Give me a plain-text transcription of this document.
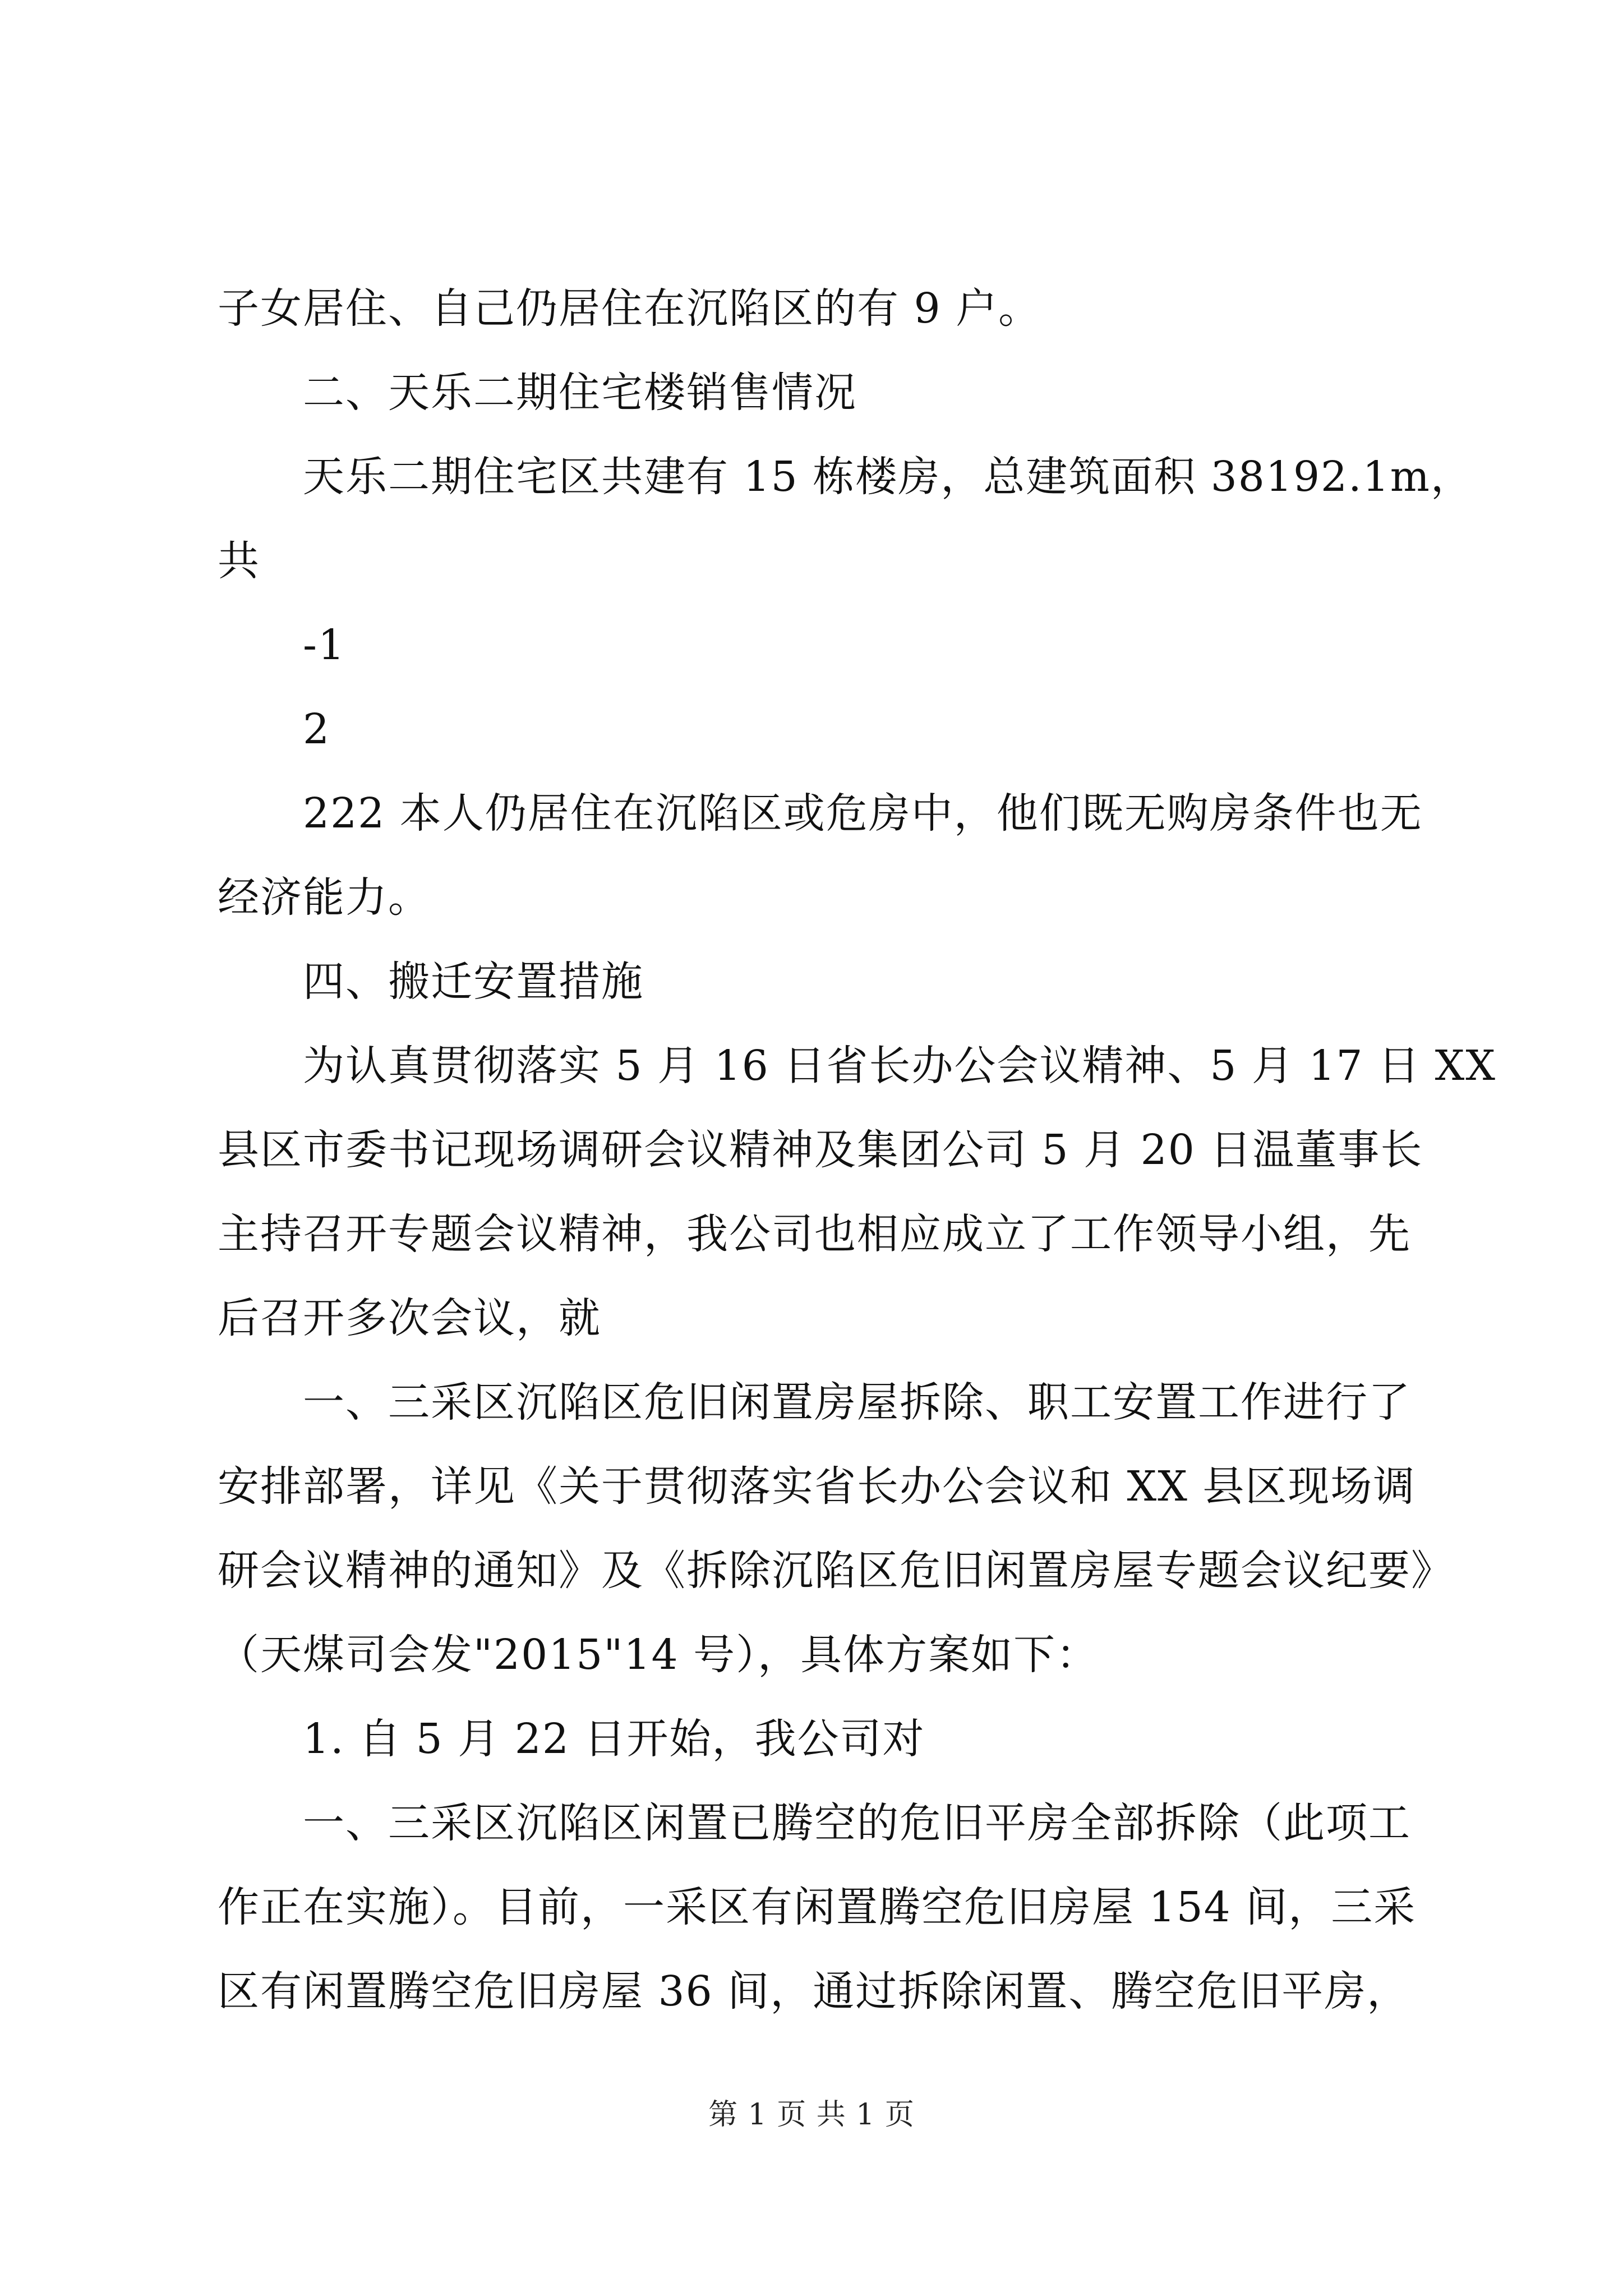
子女居住、自己仍居住在沉陷区的有 9 户。
二、天乐二期住宅楼销售情况
天乐二期住宅区共建有 15 栋楼房，总建筑面积 38192.1m，
共
-1
2
222 本人仍居住在沉陷区或危房中，他们既无购房条件也无
经济能力。
四、搬迁安置措施
为认真贯彻落实 5 月 16 日省长办公会议精神、5 月 17 日 XX
县区市委书记现场调研会议精神及集团公司 5 月 20 日温董事长
主持召开专题会议精神，我公司也相应成立了工作领导小组，先
后召开多次会议，就
一、三采区沉陷区危旧闲置房屋拆除、职工安置工作进行了
安排部署，详见《关于贯彻落实省长办公会议和 XX 县区现场调
研会议精神的通知》及《拆除沉陷区危旧闲置房屋专题会议纪要》
（天煤司会发"2015"14 号），具体方案如下：
1. 自 5 月 22 日开始，我公司对
一、三采区沉陷区闲置已腾空的危旧平房全部拆除（此项工
作正在实施）。目前，一采区有闲置腾空危旧房屋 154 间，三采
区有闲置腾空危旧房屋 36 间，通过拆除闲置、腾空危旧平房，
第 1 页 共 1 页
